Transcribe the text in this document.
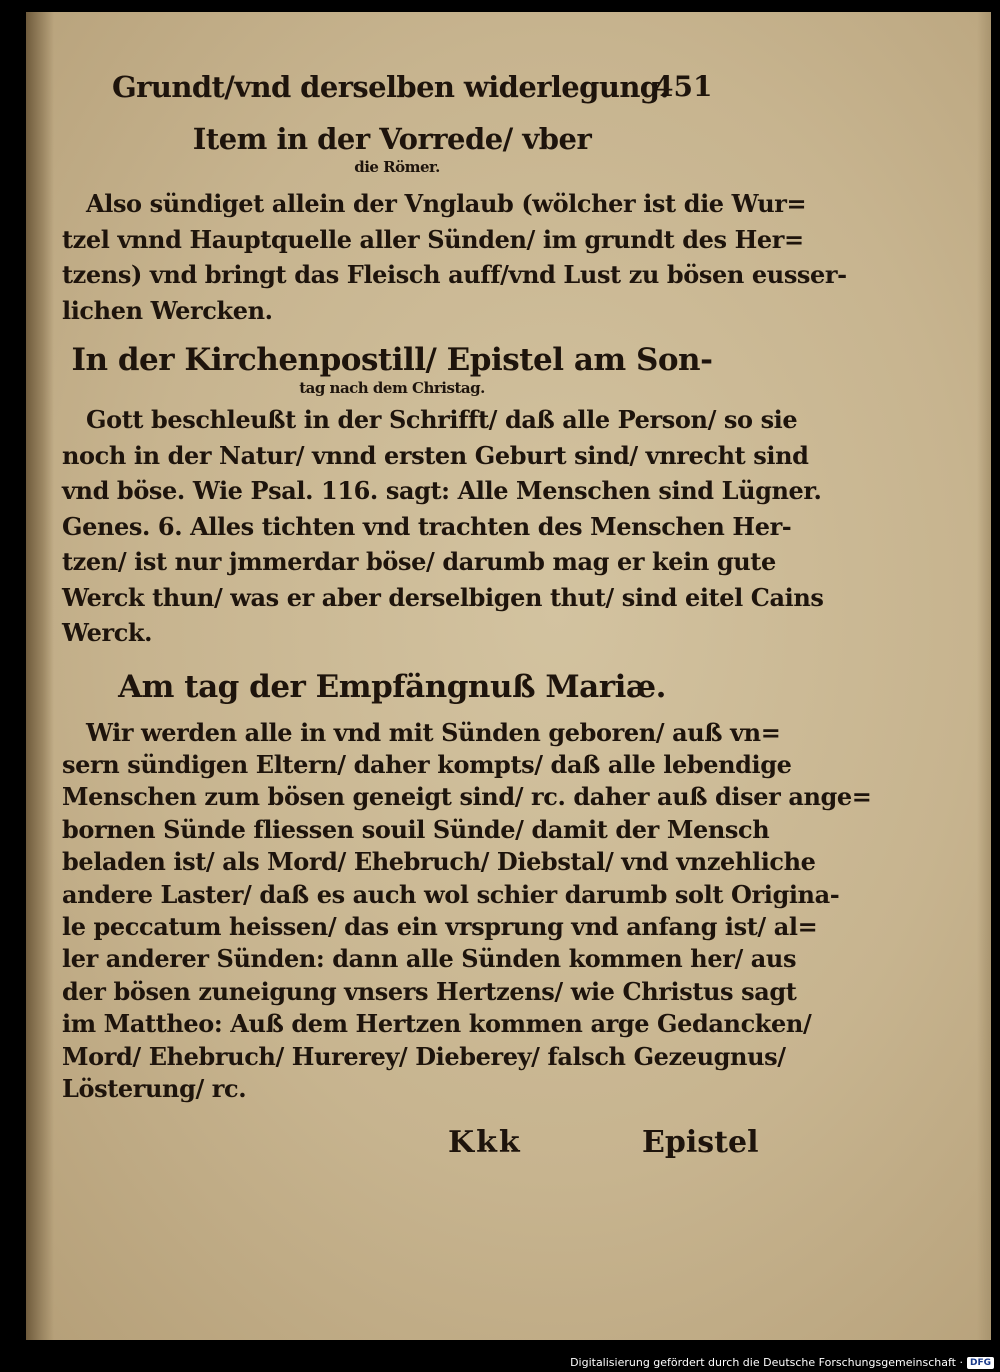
Grundt/vnd derselben widerlegung.
451
Item in der Vorrede/ vber
die Römer.

Also sündiget allein der Vnglaub (wölcher ist die Wur=

tzel vnnd Hauptquelle aller Sünden/ im grundt des Her=

tzens) vnd bringt das Fleisch auff/vnd Lust zu bösen eusser-

lichen Wercken.

In der Kirchenpostill/ Epistel am Son-
tag nach dem Christag.

Gott beschleußt in der Schrifft/ daß alle Person/ so sie

noch in der Natur/ vnnd ersten Geburt sind/ vnrecht sind

vnd böse. Wie Psal. 116. sagt: Alle Menschen sind Lügner.

Genes. 6. Alles tichten vnd trachten des Menschen Her-

tzen/ ist nur jmmerdar böse/ darumb mag er kein gute

Werck thun/ was er aber derselbigen thut/ sind eitel Cains

Werck.

Am tag der Empfängnuß Mariæ.

Wir werden alle in vnd mit Sünden geboren/ auß vn=

sern sündigen Eltern/ daher kompts/ daß alle lebendige

Menschen zum bösen geneigt sind/ rc. daher auß diser ange=

bornen Sünde fliessen souil Sünde/ damit der Mensch

beladen ist/ als Mord/ Ehebruch/ Diebstal/ vnd vnzehliche

andere Laster/ daß es auch wol schier darumb solt Origina-

le peccatum heissen/ das ein vrsprung vnd anfang ist/ al=

ler anderer Sünden: dann alle Sünden kommen her/ aus

der bösen zuneigung vnsers Hertzens/ wie Christus sagt

im Mattheo: Auß dem Hertzen kommen arge Gedancken/

Mord/ Ehebruch/ Hurerey/ Dieberey/ falsch Gezeugnus/

Lösterung/ rc.

Kkk	Epistel
Digitalisierung gefördert durch die Deutsche Forschungsgemeinschaft · DFG
